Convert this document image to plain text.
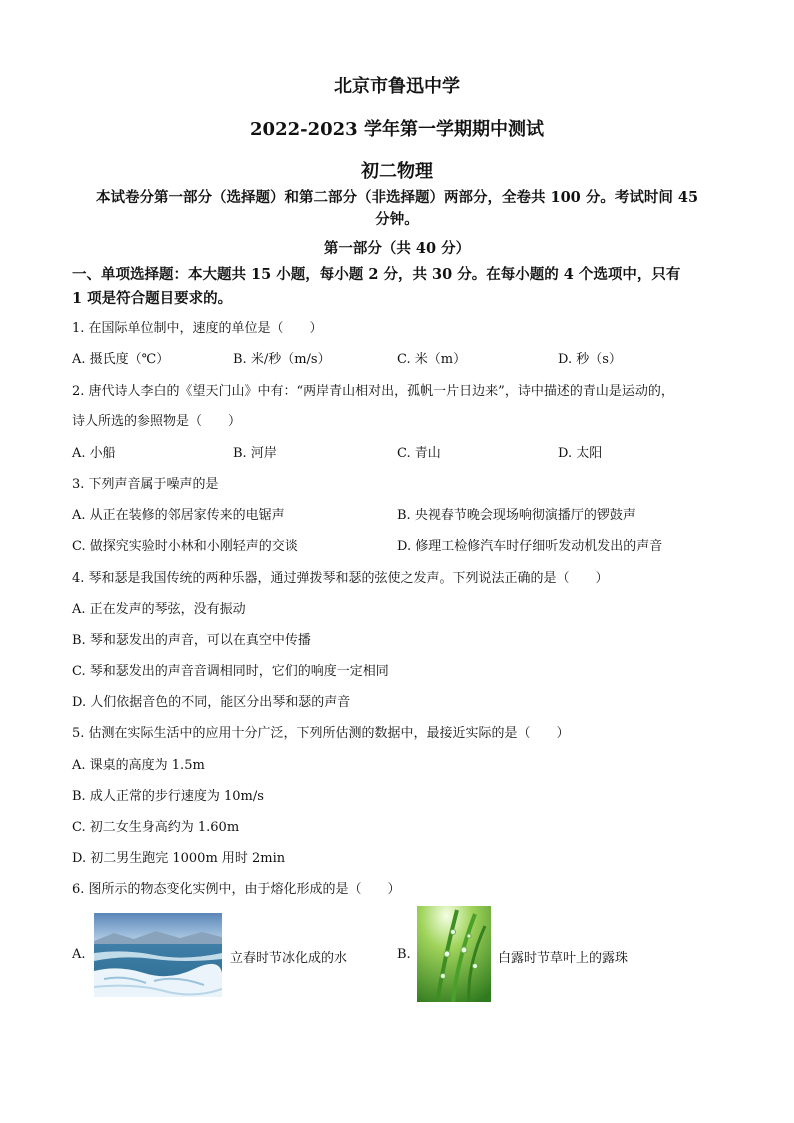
北京市鲁迅中学
2022-2023 学年第一学期期中测试
初二物理
本试卷分第一部分（选择题）和第二部分（非选择题）两部分，全卷共 100 分。考试时间 45
分钟。
第一部分（共 40 分）
一、单项选择题：本大题共 15 小题，每小题 2 分，共 30 分。在每小题的 4 个选项中，只有
1 项是符合题目要求的。
1. 在国际单位制中，速度的单位是（　　）
A. 摄氏度（℃）	B. 米/秒（m/s）	C. 米（m）	D. 秒（s）
2. 唐代诗人李白的《望天门山》中有：“两岸青山相对出，孤帆一片日边来”，诗中描述的青山是运动的，
诗人所选的参照物是（　　）
A. 小船	B. 河岸	C. 青山	D. 太阳
3. 下列声音属于噪声的是
A. 从正在装修的邻居家传来的电锯声	B. 央视春节晚会现场响彻演播厅的锣鼓声
C. 做探究实验时小林和小刚轻声的交谈	D. 修理工检修汽车时仔细听发动机发出的声音
4. 琴和瑟是我国传统的两种乐器，通过弹拨琴和瑟的弦使之发声。下列说法正确的是（　　）
A. 正在发声的琴弦，没有振动
B. 琴和瑟发出的声音，可以在真空中传播
C. 琴和瑟发出的声音音调相同时，它们的响度一定相同
D. 人们依据音色的不同，能区分出琴和瑟的声音
5. 估测在实际生活中的应用十分广泛，下列所估测的数据中，最接近实际的是（　　）
A. 课桌的高度为 1.5m
B. 成人正常的步行速度为 10m/s
C. 初二女生身高约为 1.60m
D. 初二男生跑完 1000m 用时 2min
6. 图所示的物态变化实例中，由于熔化形成的是（　　）
A.	立春时节冰化成的水	B.	白露时节草叶上的露珠
